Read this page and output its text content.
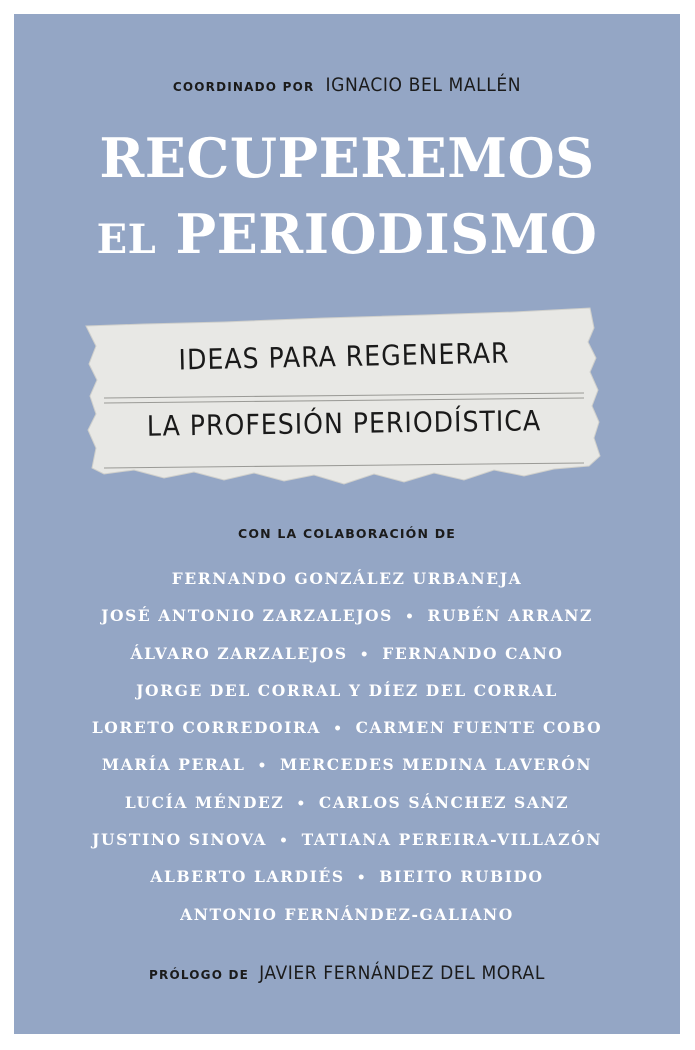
COORDINADO POR IGNACIO BEL MALLÉN
RECUPEREMOS
EL PERIODISMO
IDEAS PARA REGENERAR
LA PROFESIÓN PERIODÍSTICA
CON LA COLABORACIÓN DE
FERNANDO GONZÁLEZ URBANEJA
JOSÉ ANTONIO ZARZALEJOS • RUBÉN ARRANZ
ÁLVARO ZARZALEJOS • FERNANDO CANO
JORGE DEL CORRAL Y DÍEZ DEL CORRAL
LORETO CORREDOIRA • CARMEN FUENTE COBO
MARÍA PERAL • MERCEDES MEDINA LAVERÓN
LUCÍA MÉNDEZ • CARLOS SÁNCHEZ SANZ
JUSTINO SINOVA • TATIANA PEREIRA-VILLAZÓN
ALBERTO LARDIÉS • BIEITO RUBIDO
ANTONIO FERNÁNDEZ-GALIANO
PRÓLOGO DE JAVIER FERNÁNDEZ DEL MORAL
